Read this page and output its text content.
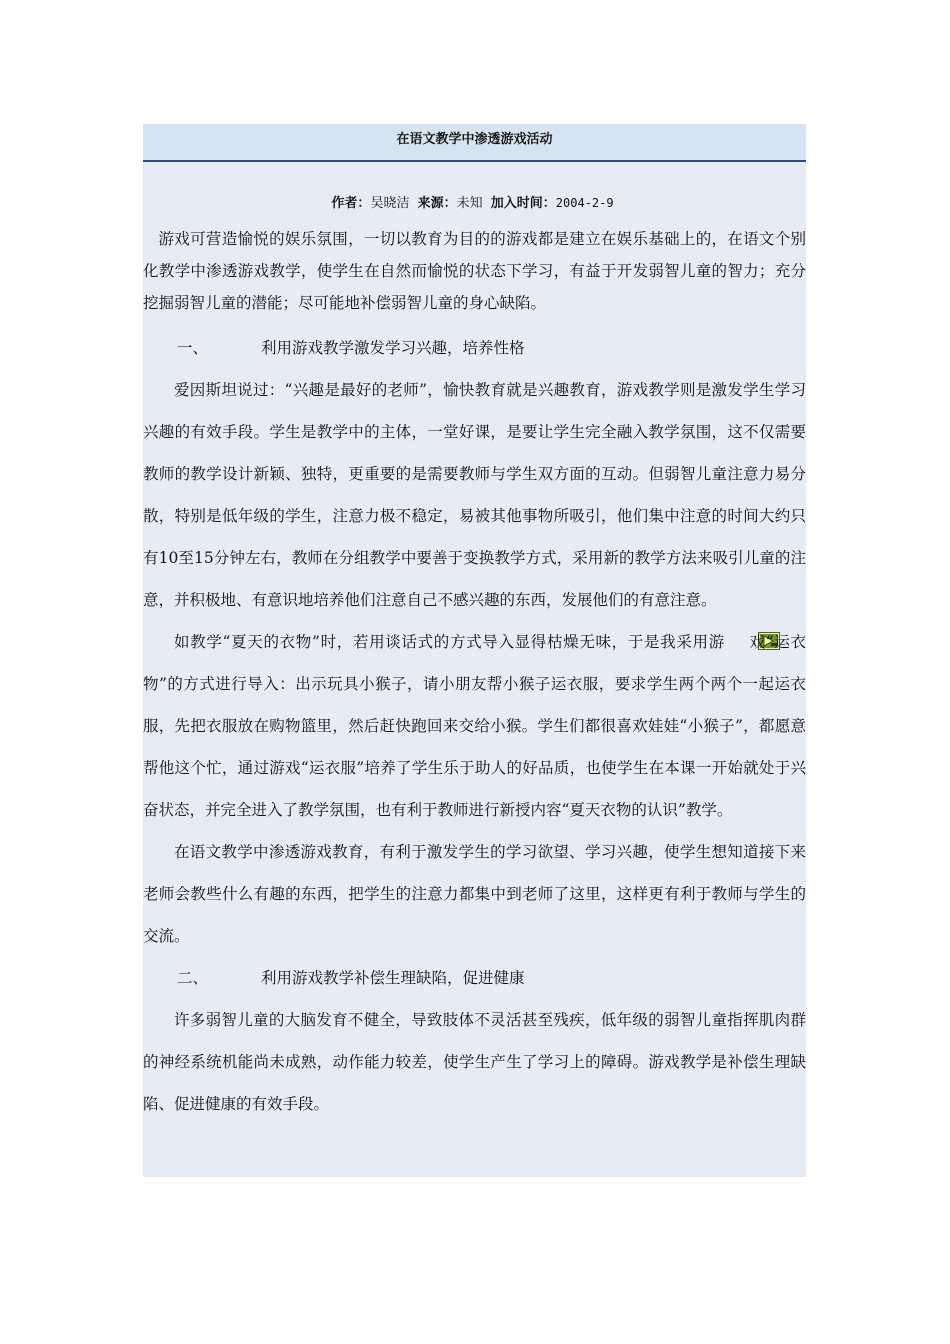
在语文教学中渗透游戏活动
作者：吴晓洁 来源：未知 加入时间：2004-2-9

游戏可营造愉悦的娱乐氛围，一切以教育为目的的游戏都是建立在娱乐基础上的，在语文个别化教学中渗透游戏教学，使学生在自然而愉悦的状态下学习，有益于开发弱智儿童的智力；充分挖掘弱智儿童的潜能；尽可能地补偿弱智儿童的身心缺陷。

一、	利用游戏教学激发学习兴趣，培养性格

爱因斯坦说过：“兴趣是最好的老师”，愉快教育就是兴趣教育，游戏教学则是激发学生学习兴趣的有效手段。学生是教学中的主体，一堂好课，是要让学生完全融入教学氛围，这不仅需要教师的教学设计新颖、独特，更重要的是需要教师与学生双方面的互动。但弱智儿童注意力易分散，特别是低年级的学生，注意力极不稳定，易被其他事物所吸引，他们集中注意的时间大约只有10至15分钟左右，教师在分组教学中要善于变换教学方式，采用新的教学方法来吸引儿童的注意，并积极地、有意识地培养他们注意自己不感兴趣的东西，发展他们的有意注意。

如教学“夏天的衣物”时，若用谈话式的方式导入显得枯燥无味，于是我采用游 戏“运衣物”的方式进行导入：出示玩具小猴子，请小朋友帮小猴子运衣服，要求学生两个两个一起运衣服，先把衣服放在购物篮里，然后赶快跑回来交给小猴。学生们都很喜欢娃娃“小猴子”，都愿意帮他这个忙，通过游戏“运衣服”培养了学生乐于助人的好品质，也使学生在本课一开始就处于兴奋状态，并完全进入了教学氛围，也有利于教师进行新授内容“夏天衣物的认识”教学。

在语文教学中渗透游戏教育，有利于激发学生的学习欲望、学习兴趣，使学生想知道接下来老师会教些什么有趣的东西，把学生的注意力都集中到老师了这里，这样更有利于教师与学生的交流。

二、	利用游戏教学补偿生理缺陷，促进健康

许多弱智儿童的大脑发育不健全，导致肢体不灵活甚至残疾，低年级的弱智儿童指挥肌肉群的神经系统机能尚未成熟，动作能力较差，使学生产生了学习上的障碍。游戏教学是补偿生理缺陷、促进健康的有效手段。
